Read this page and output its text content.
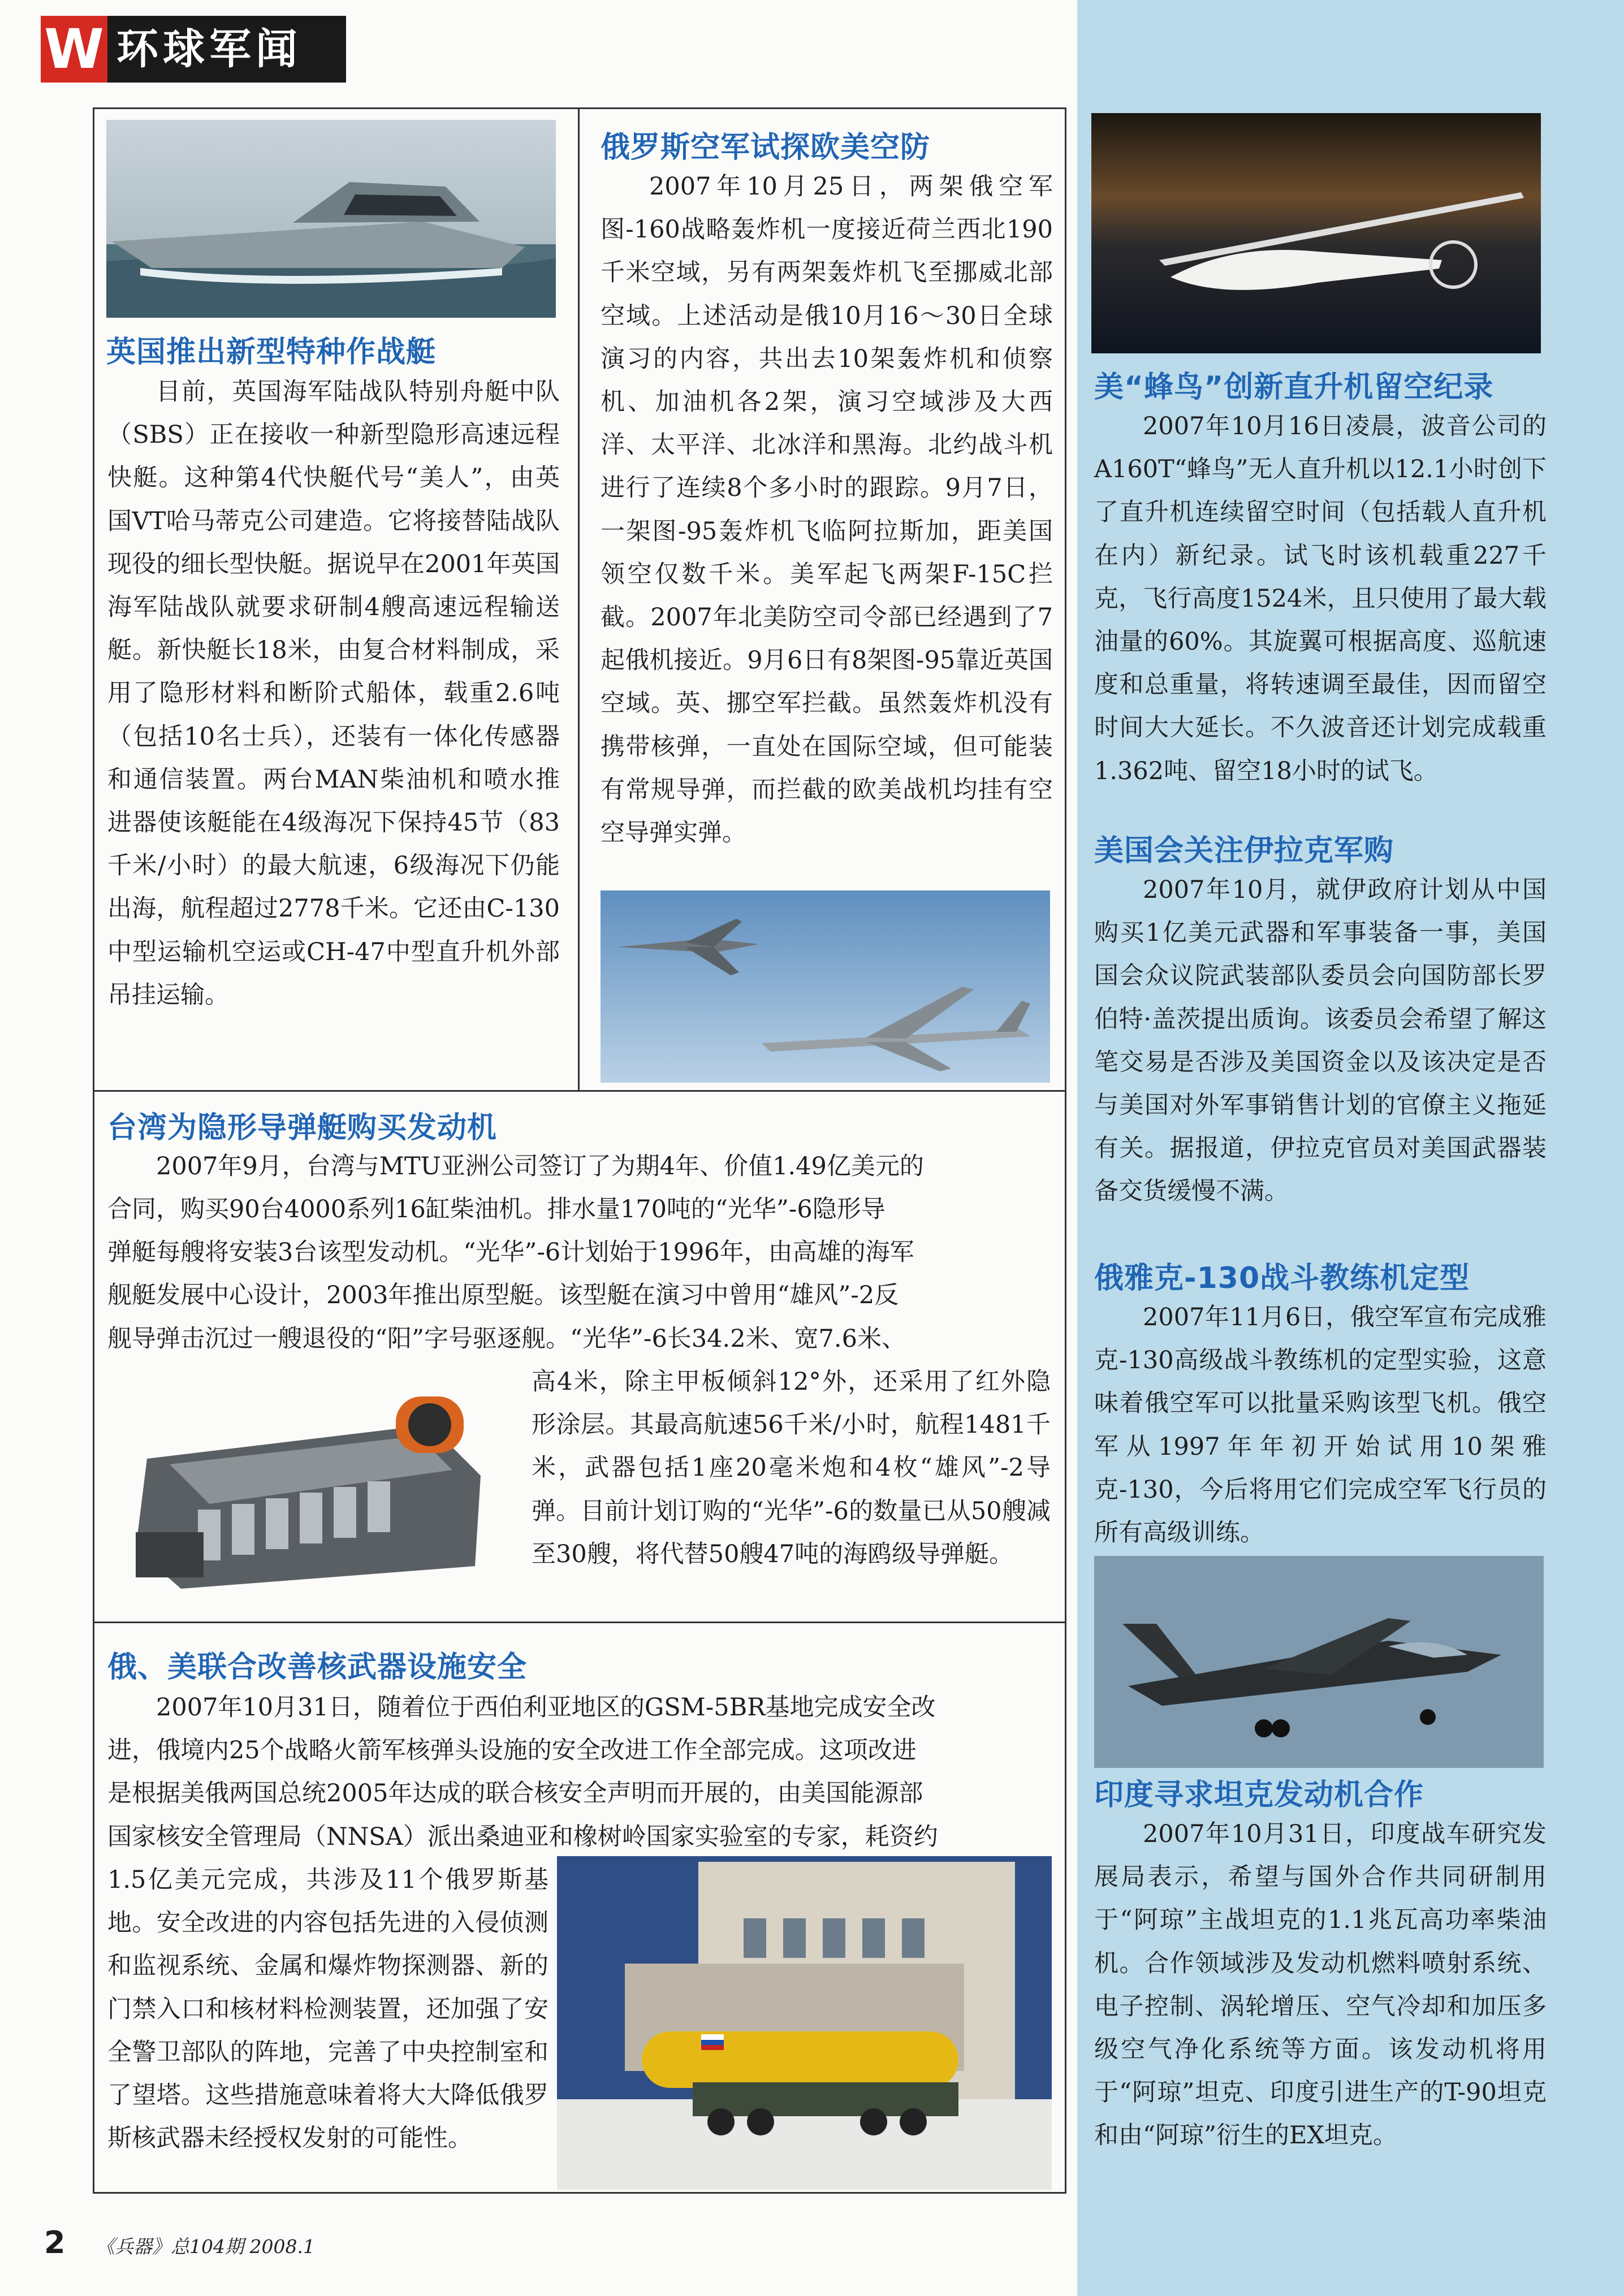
W 环球军闻
英国推出新型特种作战艇

目前，英国海军陆战队特别舟艇中队（SBS）正在接收一种新型隐形高速远程快艇。这种第4代快艇代号“美人”，由英国VT哈马蒂克公司建造。它将接替陆战队现役的细长型快艇。据说早在2001年英国海军陆战队就要求研制4艘高速远程输送艇。新快艇长18米，由复合材料制成，采用了隐形材料和断阶式船体，载重2.6吨（包括10名士兵），还装有一体化传感器和通信装置。两台MAN柴油机和喷水推进器使该艇能在4级海况下保持45节（83千米/小时）的最大航速，6级海况下仍能出海，航程超过2778千米。它还由C-130中型运输机空运或CH-47中型直升机外部吊挂运输。

俄罗斯空军试探欧美空防

2007年10月25日，两架俄空军图-160战略轰炸机一度接近荷兰西北190千米空域，另有两架轰炸机飞至挪威北部空域。上述活动是俄10月16～30日全球演习的内容，共出去10架轰炸机和侦察机、加油机各2架，演习空域涉及大西洋、太平洋、北冰洋和黑海。北约战斗机进行了连续8个多小时的跟踪。9月7日，一架图-95轰炸机飞临阿拉斯加，距美国领空仅数千米。美军起飞两架F-15C拦截。2007年北美防空司令部已经遇到了7起俄机接近。9月6日有8架图-95靠近英国空域。英、挪空军拦截。虽然轰炸机没有携带核弹，一直处在国际空域，但可能装有常规导弹，而拦截的欧美战机均挂有空空导弹实弹。

台湾为隐形导弹艇购买发动机
2007年9月，台湾与MTU亚洲公司签订了为期4年、价值1.49亿美元的
合同，购买90台4000系列16缸柴油机。排水量170吨的“光华”-6隐形导
弹艇每艘将安装3台该型发动机。“光华”-6计划始于1996年，由高雄的海军
舰艇发展中心设计，2003年推出原型艇。该型艇在演习中曾用“雄风”-2反
舰导弹击沉过一艘退役的“阳”字号驱逐舰。“光华”-6长34.2米、宽7.6米、

高4米，除主甲板倾斜12°外，还采用了红外隐形涂层。其最高航速56千米/小时，航程1481千米，武器包括1座20毫米炮和4枚“雄风”-2导弹。目前计划订购的“光华”-6的数量已从50艘减至30艘，将代替50艘47吨的海鸥级导弹艇。

俄、美联合改善核武器设施安全
2007年10月31日，随着位于西伯利亚地区的GSM-5BR基地完成安全改
进，俄境内25个战略火箭军核弹头设施的安全改进工作全部完成。这项改进
是根据美俄两国总统2005年达成的联合核安全声明而开展的，由美国能源部
国家核安全管理局（NNSA）派出桑迪亚和橡树岭国家实验室的专家，耗资约

1.5亿美元完成，共涉及11个俄罗斯基地。安全改进的内容包括先进的入侵侦测和监视系统、金属和爆炸物探测器、新的门禁入口和核材料检测装置，还加强了安全警卫部队的阵地，完善了中央控制室和了望塔。这些措施意味着将大大降低俄罗斯核武器未经授权发射的可能性。

美“蜂鸟”创新直升机留空纪录

2007年10月16日凌晨，波音公司的A160T“蜂鸟”无人直升机以12.1小时创下了直升机连续留空时间（包括载人直升机在内）新纪录。试飞时该机载重227千克，飞行高度1524米，且只使用了最大载油量的60%。其旋翼可根据高度、巡航速度和总重量，将转速调至最佳，因而留空时间大大延长。不久波音还计划完成载重1.362吨、留空18小时的试飞。

美国会关注伊拉克军购

2007年10月，就伊政府计划从中国购买1亿美元武器和军事装备一事，美国国会众议院武装部队委员会向国防部长罗伯特·盖茨提出质询。该委员会希望了解这笔交易是否涉及美国资金以及该决定是否与美国对外军事销售计划的官僚主义拖延有关。据报道，伊拉克官员对美国武器装备交货缓慢不满。

俄雅克-130战斗教练机定型

2007年11月6日，俄空军宣布完成雅克-130高级战斗教练机的定型实验，这意味着俄空军可以批量采购该型飞机。俄空军从1997年年初开始试用10架雅克-130，今后将用它们完成空军飞行员的所有高级训练。

印度寻求坦克发动机合作

2007年10月31日，印度战车研究发展局表示，希望与国外合作共同研制用于“阿琼”主战坦克的1.1兆瓦高功率柴油机。合作领域涉及发动机燃料喷射系统、电子控制、涡轮增压、空气冷却和加压多级空气净化系统等方面。该发动机将用于“阿琼”坦克、印度引进生产的T-90坦克和由“阿琼”衍生的EX坦克。

2 《兵器》总104期 2008.1
